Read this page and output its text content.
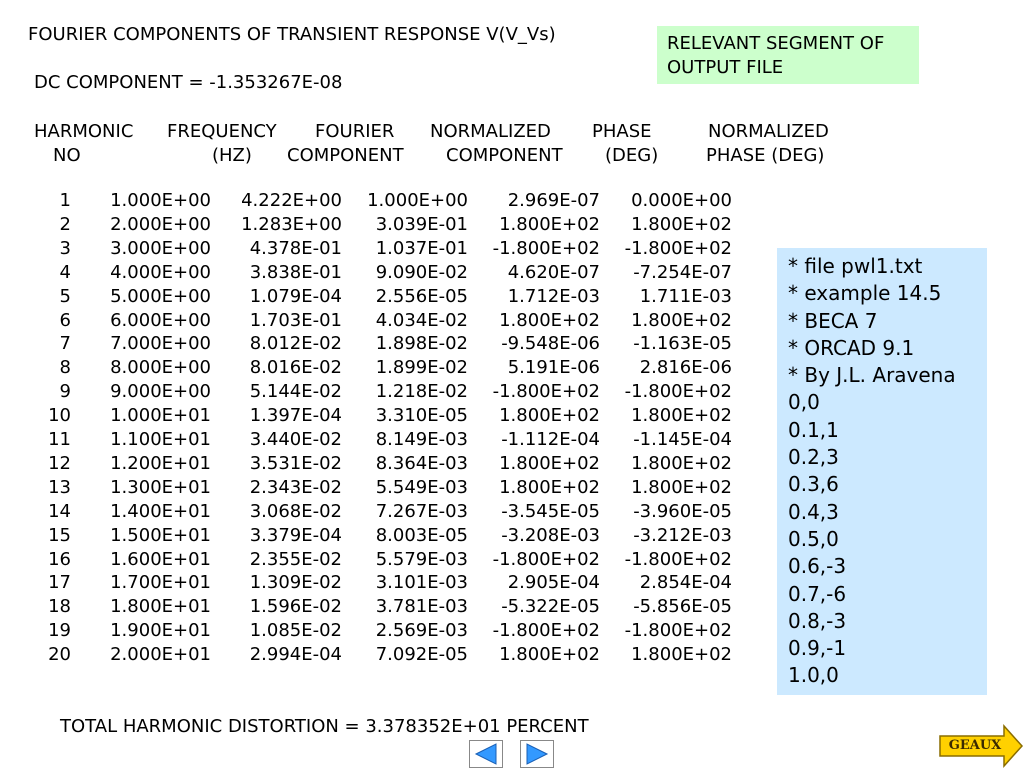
FOURIER COMPONENTS OF TRANSIENT RESPONSE V(V_Vs)
DC COMPONENT = -1.353267E-08
RELEVANT SEGMENT OF OUTPUT FILE
HARMONIC FREQUENCY FOURIER NORMALIZED PHASE	NORMALIZED
NO	(HZ) COMPONENT COMPONENT (DEG)	PHASE (DEG)
1 1.000E+00 4.222E+00 1.000E+00 2.969E-07 0.000E+00
2 2.000E+00 1.283E+00 3.039E-01 1.800E+02 1.800E+02
3 3.000E+00 4.378E-01 1.037E-01 -1.800E+02 -1.800E+02
4 4.000E+00 3.838E-01 9.090E-02 4.620E-07 -7.254E-07
5 5.000E+00 1.079E-04 2.556E-05 1.712E-03 1.711E-03
6 6.000E+00 1.703E-01 4.034E-02 1.800E+02 1.800E+02
7 7.000E+00 8.012E-02 1.898E-02 -9.548E-06 -1.163E-05
8 8.000E+00 8.016E-02 1.899E-02 5.191E-06 2.816E-06
9 9.000E+00 5.144E-02 1.218E-02 -1.800E+02 -1.800E+02
10 1.000E+01 1.397E-04 3.310E-05 1.800E+02 1.800E+02
11 1.100E+01 3.440E-02 8.149E-03 -1.112E-04 -1.145E-04
12 1.200E+01 3.531E-02 8.364E-03 1.800E+02 1.800E+02
13 1.300E+01 2.343E-02 5.549E-03 1.800E+02 1.800E+02
14 1.400E+01 3.068E-02 7.267E-03 -3.545E-05 -3.960E-05
15 1.500E+01 3.379E-04 8.003E-05 -3.208E-03 -3.212E-03
16 1.600E+01 2.355E-02 5.579E-03 -1.800E+02 -1.800E+02
17 1.700E+01 1.309E-02 3.101E-03 2.905E-04 2.854E-04
18 1.800E+01 1.596E-02 3.781E-03 -5.322E-05 -5.856E-05
19 1.900E+01 1.085E-02 2.569E-03 -1.800E+02 -1.800E+02
20 2.000E+01 2.994E-04 7.092E-05 1.800E+02 1.800E+02
* file pwl1.txt
* example 14.5
* BECA 7
* ORCAD 9.1
* By J.L. Aravena
0,0
0.1,1
0.2,3
0.3,6
0.4,3
0.5,0
0.6,-3
0.7,-6
0.8,-3
0.9,-1
1.0,0
TOTAL HARMONIC DISTORTION = 3.378352E+01 PERCENT
GEAUX
